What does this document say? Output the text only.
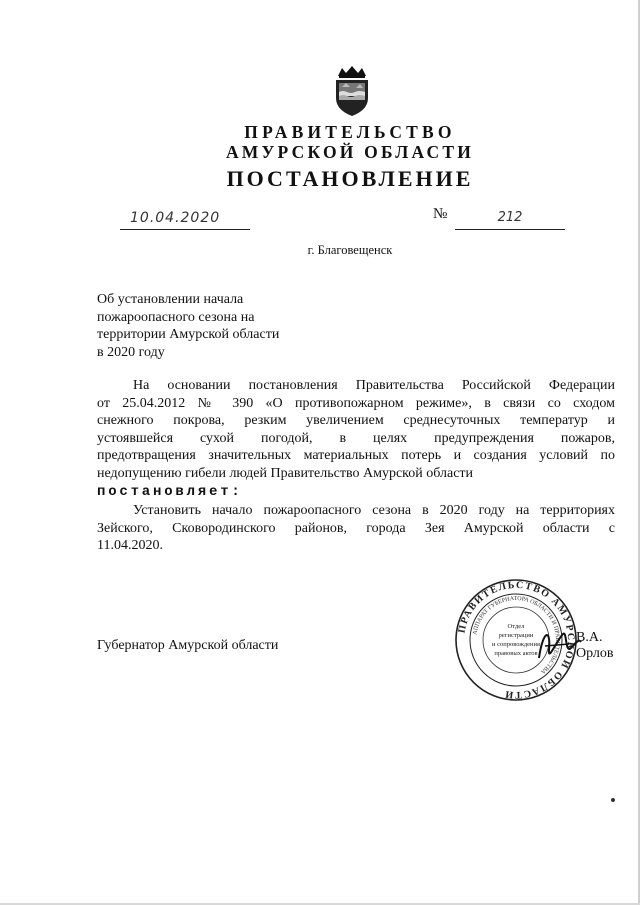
ПРАВИТЕЛЬСТВО
АМУРСКОЙ ОБЛАСТИ
ПОСТАНОВЛЕНИЕ
10.04.2020	№	212
г. Благовещенск
Об установлении начала
пожароопасного сезона на
территории Амурской области
в 2020 году
На основании постановления Правительства Российской Федерации
от 25.04.2012 № 390 «О противопожарном режиме», в связи со сходом
снежного покрова, резким увеличением среднесуточных температур и
устоявшейся сухой погодой, в целях предупреждения пожаров,
предотвращения значительных материальных потерь и создания условий по
недопущению гибели людей Правительство Амурской области
постановляет:
Установить начало пожароопасного сезона в 2020 году на территориях
Зейского, Сковородинского районов, города Зея Амурской области с
11.04.2020.
ПРАВИТЕЛЬСТВО АМУРСКОЙ ОБЛАСТИ
АППАРАТ ГУБЕРНАТОРА ОБЛАСТИ И ПРАВИТЕЛЬСТВА
Отдел
регистрации
и сопровождения
правовых актов
Губернатор Амурской области
В.А. Орлов
